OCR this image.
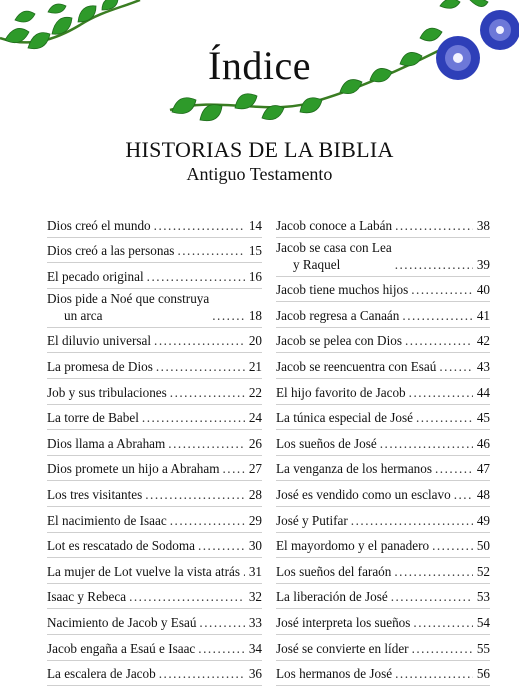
Índice
HISTORIAS DE LA BIBLIA
Antiguo Testamento
Dios creó el mundo .....	14
Dios creó a las personas .....	15
El pecado original .....	16
Dios pide a Noé que construya
un arca .....	18
El diluvio universal .....	20
La promesa de Dios .....	21
Job y sus tribulaciones .....	22
La torre de Babel .....	24
Dios llama a Abraham .....	26
Dios promete un hijo a Abraham ..... 27
Los tres visitantes .....	28
El nacimiento de Isaac .....	29
Lot es rescatado de Sodoma .....	30
La mujer de Lot vuelve la vista atrás ..... 31
Isaac y Rebeca .....	32
Nacimiento de Jacob y Esaú .....	33
Jacob engaña a Esaú e Isaac .....	34
La escalera de Jacob .....	36
Jacob conoce a Labán .....	38
Jacob se casa con Lea
y Raquel .....	39
Jacob tiene muchos hijos .....	40
Jacob regresa a Canaán .....	41
Jacob se pelea con Dios .....	42
Jacob se reencuentra con Esaú .....	43
El hijo favorito de Jacob .....	44
La túnica especial de José .....	45
Los sueños de José .....	46
La venganza de los hermanos .....	47
José es vendido como un esclavo ..... 48
José y Putifar .....	49
El mayordomo y el panadero .....	50
Los sueños del faraón .....	52
La liberación de José .....	53
José interpreta los sueños .....	54
José se convierte en líder .....	55
Los hermanos de José .....	56
